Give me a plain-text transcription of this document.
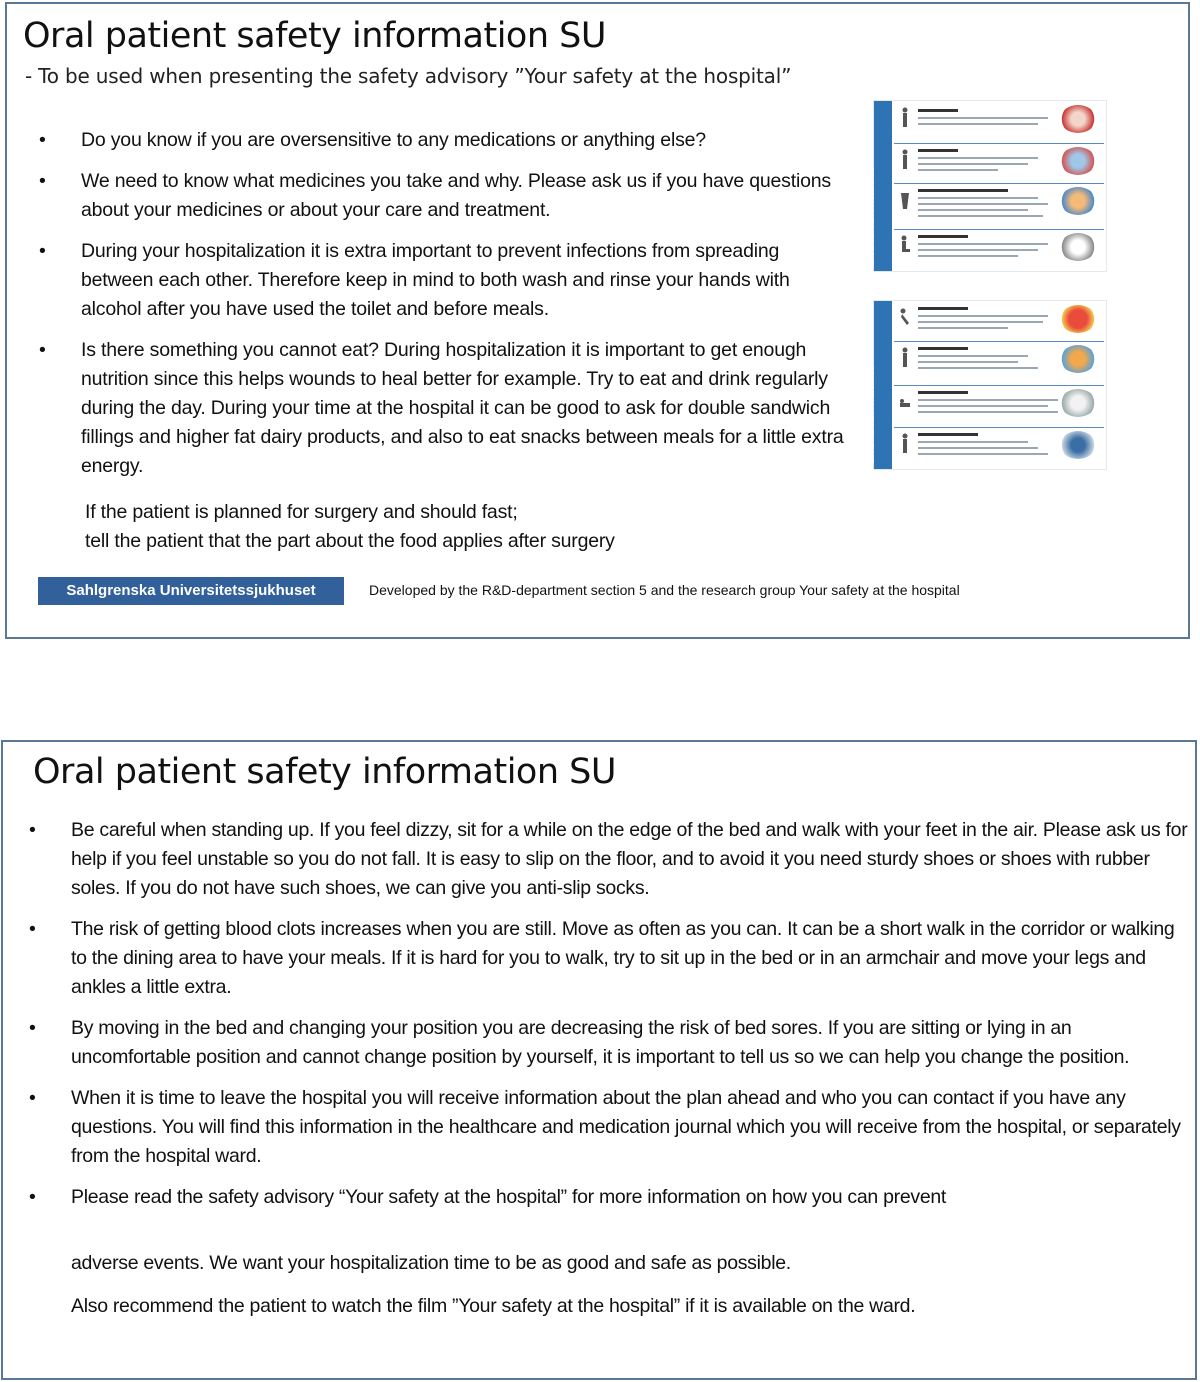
Oral patient safety information SU
- To be used when presenting the safety advisory ”Your safety at the hospital”
• Do you know if you are oversensitive to any medications or anything else?
• We need to know what medicines you take and why. Please ask us if you have questions about your medicines or about your care and treatment.
• During your hospitalization it is extra important to prevent infections from spreading between each other. Therefore keep in mind to both wash and rinse your hands with alcohol after you have used the toilet and before meals.
• Is there something you cannot eat? During hospitalization it is important to get enough nutrition since this helps wounds to heal better for example. Try to eat and drink regularly during the day. During your time at the hospital it can be good to ask for double sandwich fillings and higher fat dairy products, and also to eat snacks between meals for a little extra energy.
If the patient is planned for surgery and should fast;
tell the patient that the part about the food applies after surgery
DIN SÄKERHET PÅ SJUKHUS
DIN SÄKERHET PÅ SJUKHUS
Sahlgrenska Universitetssjukhuset	Developed by the R&D-department section 5 and the research group Your safety at the hospital
Oral patient safety information SU
• Be careful when standing up. If you feel dizzy, sit for a while on the edge of the bed and walk with your feet in the air. Please ask us for help if you feel unstable so you do not fall. It is easy to slip on the floor, and to avoid it you need sturdy shoes or shoes with rubber soles. If you do not have such shoes, we can give you anti-slip socks.
• The risk of getting blood clots increases when you are still. Move as often as you can. It can be a short walk in the corridor or walking to the dining area to have your meals. If it is hard for you to walk, try to sit up in the bed or in an armchair and move your legs and ankles a little extra.
• By moving in the bed and changing your position you are decreasing the risk of bed sores. If you are sitting or lying in an uncomfortable position and cannot change position by yourself, it is important to tell us so we can help you change the position.
• When it is time to leave the hospital you will receive information about the plan ahead and who you can contact if you have any questions. You will find this information in the healthcare and medication journal which you will receive from the hospital, or separately from the hospital ward.
• Please read the safety advisory “Your safety at the hospital” for more information on how you can prevent
adverse events. We want your hospitalization time to be as good and safe as possible.
Also recommend the patient to watch the film ”Your safety at the hospital” if it is available on the ward.
